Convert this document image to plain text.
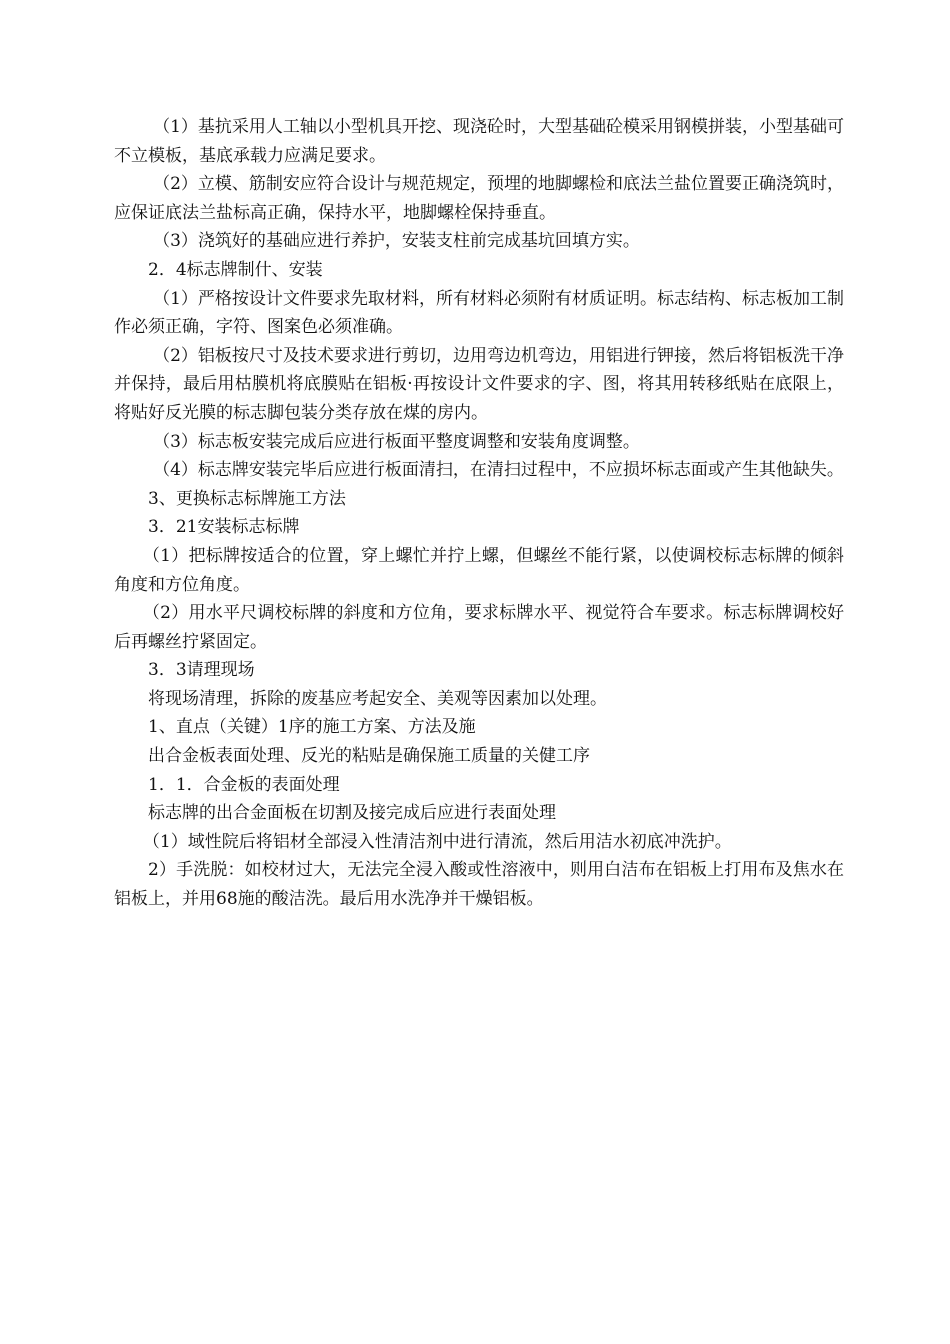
（1）基抗采用人工轴以小型机具开挖、现浇砼时，大型基础砼模采用钢模拼装，小型基础可不立模板，基底承载力应满足要求。

（2）立模、筋制安应符合设计与规范规定，预埋的地脚螺检和底法兰盐位置要正确浇筑时，应保证底法兰盐标高正确，保持水平，地脚螺栓保持垂直。

（3）浇筑好的基础应进行养护，安装支柱前完成基坑回填方实。

2．4标志牌制什、安装

（1）严格按设计文件要求先取材料，所有材料必须附有材质证明。标志结构、标志板加工制作必须正确，字符、图案色必须准确。

（2）铝板按尺寸及技术要求进行剪切，边用弯边机弯边，用铝进行钾接，然后将铝板洗干净并保持，最后用枯膜机将底膜贴在铝板·再按设计文件要求的字、图，将其用转移纸贴在底限上，将贴好反光膜的标志脚包装分类存放在煤的房内。

（3）标志板安装完成后应进行板面平整度调整和安装角度调整。

（4）标志牌安装完毕后应进行板面清扫，在清扫过程中，不应损坏标志面或产生其他缺失。

3、更换标志标牌施工方法

3．21安装标志标牌

（1）把标牌按适合的位置，穿上螺忙并拧上螺，但螺丝不能行紧，以使调校标志标牌的倾斜角度和方位角度。

（2）用水平尺调校标牌的斜度和方位角，要求标牌水平、视觉符合车要求。标志标牌调校好后再螺丝拧紧固定。

3．3请理现场

将现场清理，拆除的废基应考起安全、美观等因素加以处理。

1、直点（关键）1序的施工方案、方法及施

出合金板表面处理、反光的粘贴是确保施工质量的关健工序

1．1．合金板的表面处理

标志牌的出合金面板在切割及接完成后应进行表面处理

（1）域性院后将铝材全部浸入性清洁剂中进行清流，然后用洁水初底冲洗护。

2）手洗脱：如校材过大，无法完全浸入酸或性溶液中，则用白洁布在铝板上打用布及焦水在铝板上，并用68施的酸洁洗。最后用水洗净并干燥铝板。
